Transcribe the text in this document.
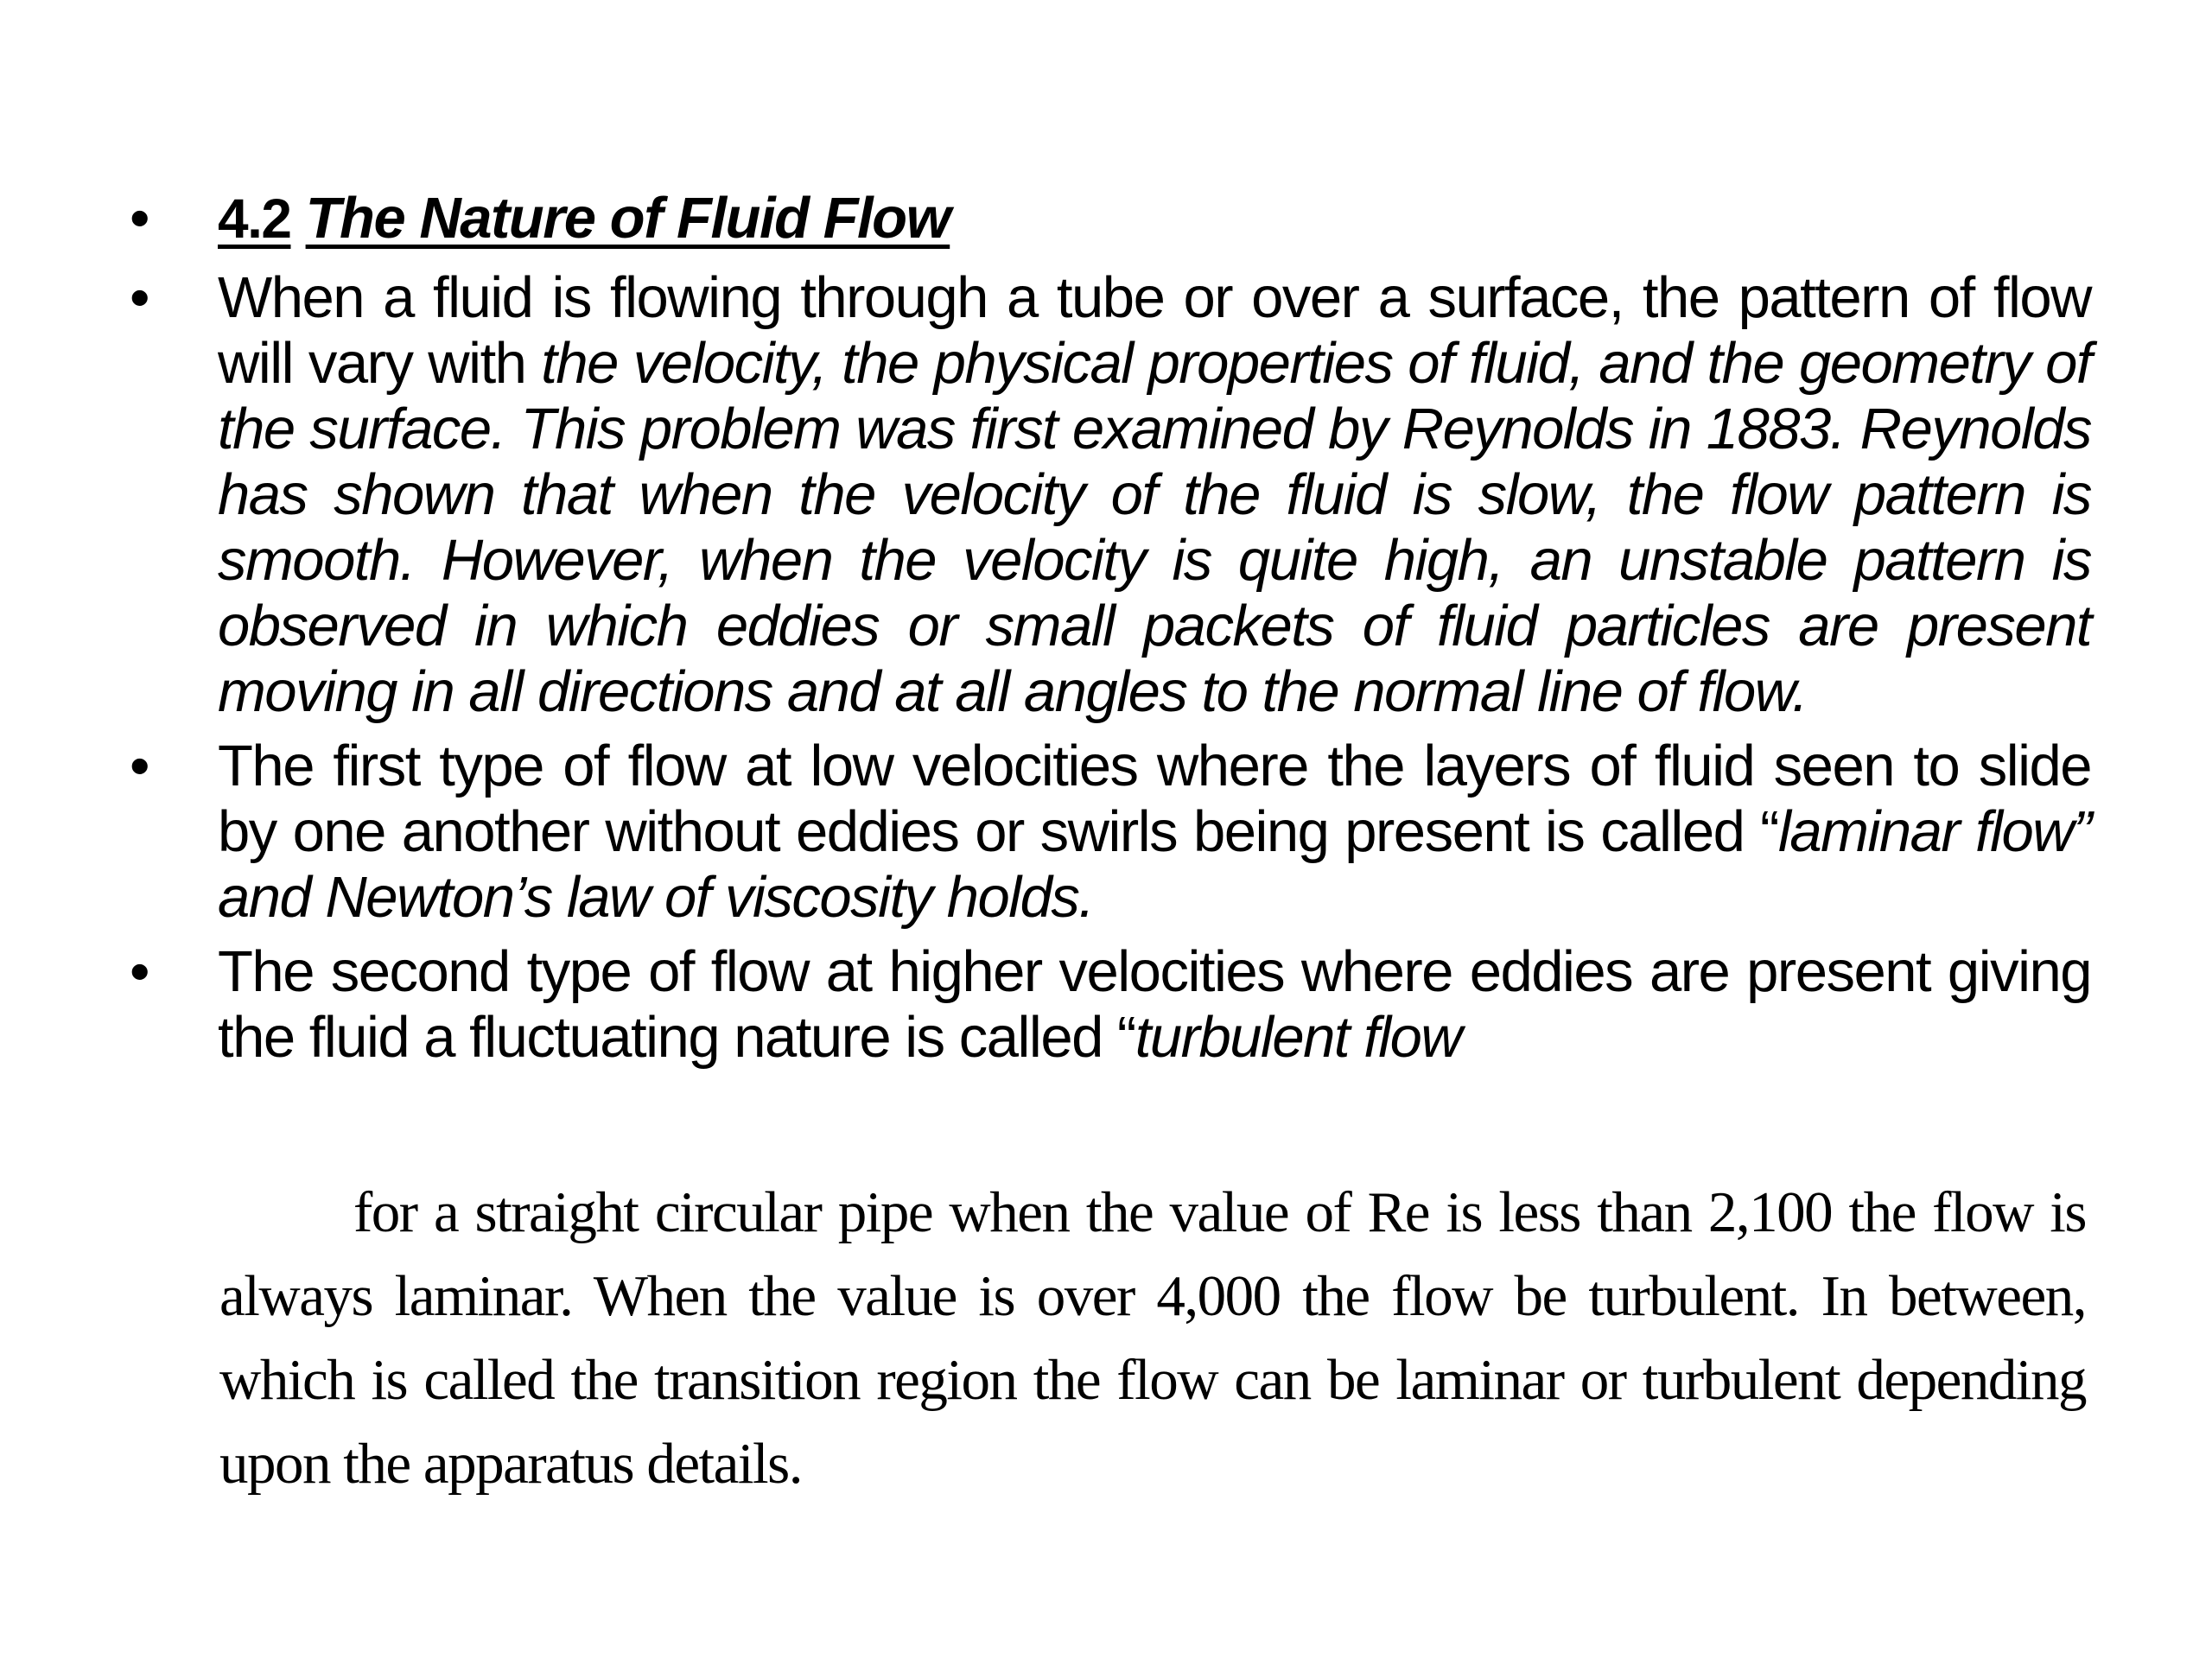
• 4.2 The Nature of Fluid Flow
• When a fluid is flowing through a tube or over a surface, the pattern of flow will vary with the velocity, the physical properties of fluid, and the geometry of the surface. This problem was first examined by Reynolds in 1883. Reynolds has shown that when the velocity of the fluid is slow, the flow pattern is smooth. However, when the velocity is quite high, an unstable pattern is observed in which eddies or small packets of fluid particles are present moving in all directions and at all angles to the normal line of flow.
• The first type of flow at low velocities where the layers of fluid seen to slide by one another without eddies or swirls being present is called “laminar flow” and Newton’s law of viscosity holds.
• The second type of flow at higher velocities where eddies are present giving the fluid a fluctuating nature is called “turbulent flow

for a straight circular pipe when the value of Re is less than 2,100 the flow is always laminar. When the value is over 4,000 the flow be turbulent. In between, which is called the transition region the flow can be laminar or turbulent depending upon the apparatus details.
